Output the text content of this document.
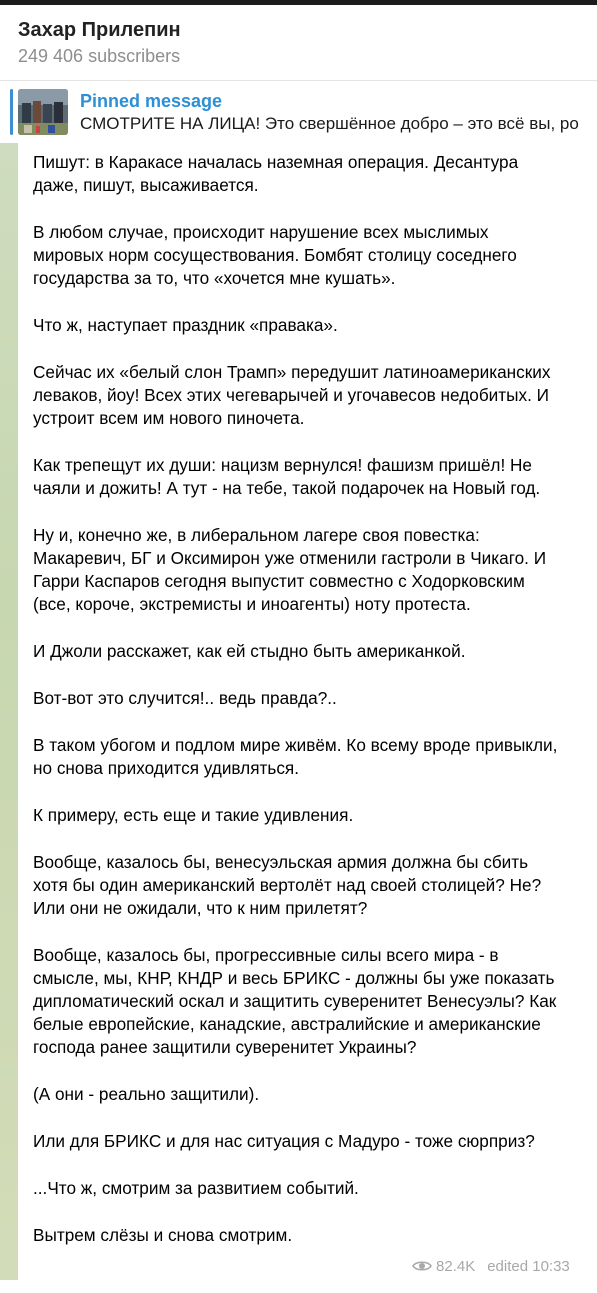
Захар Прилепин
249 406 subscribers
Pinned message
СМОТРИТЕ НА ЛИЦА! Это свершённое добро – это всё вы, ро

Пишут: в Каракасе началась наземная операция. Десантура
даже, пишут, высаживается.

В любом случае, происходит нарушение всех мыслимых
мировых норм сосуществования. Бомбят столицу соседнего
государства за то, что «хочется мне кушать».

Что ж, наступает праздник «правака».

Сейчас их «белый слон Трамп» передушит латиноамериканских
леваков, йоу! Всех этих чегеварычей и угочавесов недобитых. И
устроит всем им нового пиночета.

Как трепещут их души: нацизм вернулся! фашизм пришёл! Не
чаяли и дожить! А тут - на тебе, такой подарочек на Новый год.

Ну и, конечно же, в либеральном лагере своя повестка:
Макаревич, БГ и Оксимирон уже отменили гастроли в Чикаго. И
Гарри Каспаров сегодня выпустит совместно с Ходорковским
(все, короче, экстремисты и иноагенты) ноту протеста.

И Джоли расскажет, как ей стыдно быть американкой.

Вот-вот это случится!.. ведь правда?..

В таком убогом и подлом мире живём. Ко всему вроде привыкли,
но снова приходится удивляться.

К примеру, есть еще и такие удивления.

Вообще, казалось бы, венесуэльская армия должна бы сбить
хотя бы один американский вертолёт над своей столицей? Не?
Или они не ожидали, что к ним прилетят?

Вообще, казалось бы, прогрессивные силы всего мира - в
смысле, мы, КНР, КНДР и весь БРИКС - должны бы уже показать
дипломатический оскал и защитить суверенитет Венесуэлы? Как
белые европейские, канадские, австралийские и американские
господа ранее защитили суверенитет Украины?

(А они - реально защитили).

Или для БРИКС и для нас ситуация с Мадуро - тоже сюрприз?

...Что ж, смотрим за развитием событий.

Вытрем слёзы и снова смотрим.

82.4K edited 10:33
